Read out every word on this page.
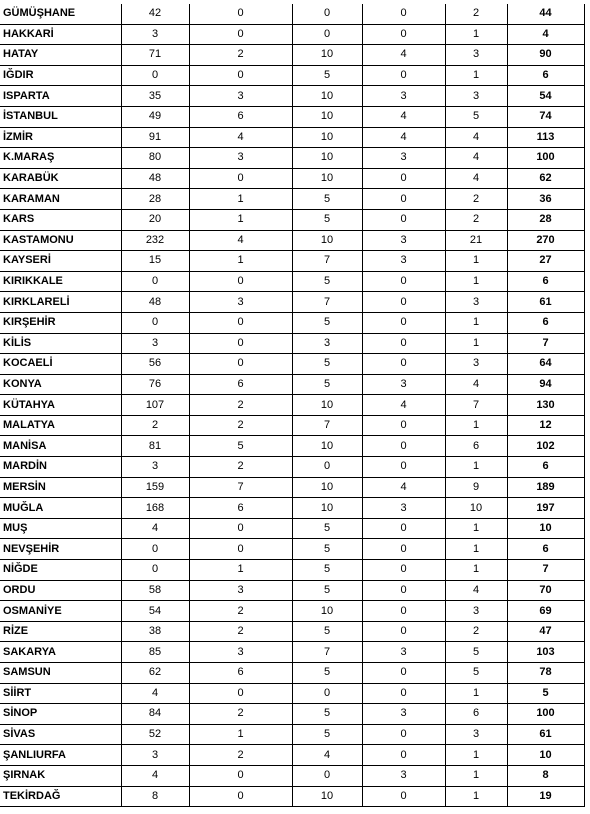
GÜMÜŞHANE	42	0	0	0	2	44
HAKKARİ	3	0	0	0	1	4
HATAY	71	2	10	4	3	90
IĞDIR	0	0	5	0	1	6
ISPARTA	35	3	10	3	3	54
İSTANBUL	49	6	10	4	5	74
İZMİR	91	4	10	4	4	113
K.MARAŞ	80	3	10	3	4	100
KARABÜK	48	0	10	0	4	62
KARAMAN	28	1	5	0	2	36
KARS	20	1	5	0	2	28
KASTAMONU	232	4	10	3	21	270
KAYSERİ	15	1	7	3	1	27
KIRIKKALE	0	0	5	0	1	6
KIRKLARELİ	48	3	7	0	3	61
KIRŞEHİR	0	0	5	0	1	6
KİLİS	3	0	3	0	1	7
KOCAELİ	56	0	5	0	3	64
KONYA	76	6	5	3	4	94
KÜTAHYA	107	2	10	4	7	130
MALATYA	2	2	7	0	1	12
MANİSA	81	5	10	0	6	102
MARDİN	3	2	0	0	1	6
MERSİN	159	7	10	4	9	189
MUĞLA	168	6	10	3	10	197
MUŞ	4	0	5	0	1	10
NEVŞEHİR	0	0	5	0	1	6
NİĞDE	0	1	5	0	1	7
ORDU	58	3	5	0	4	70
OSMANİYE	54	2	10	0	3	69
RİZE	38	2	5	0	2	47
SAKARYA	85	3	7	3	5	103
SAMSUN	62	6	5	0	5	78
SİİRT	4	0	0	0	1	5
SİNOP	84	2	5	3	6	100
SİVAS	52	1	5	0	3	61
ŞANLIURFA	3	2	4	0	1	10
ŞIRNAK	4	0	0	3	1	8
TEKİRDAĞ	8	0	10	0	1	19
